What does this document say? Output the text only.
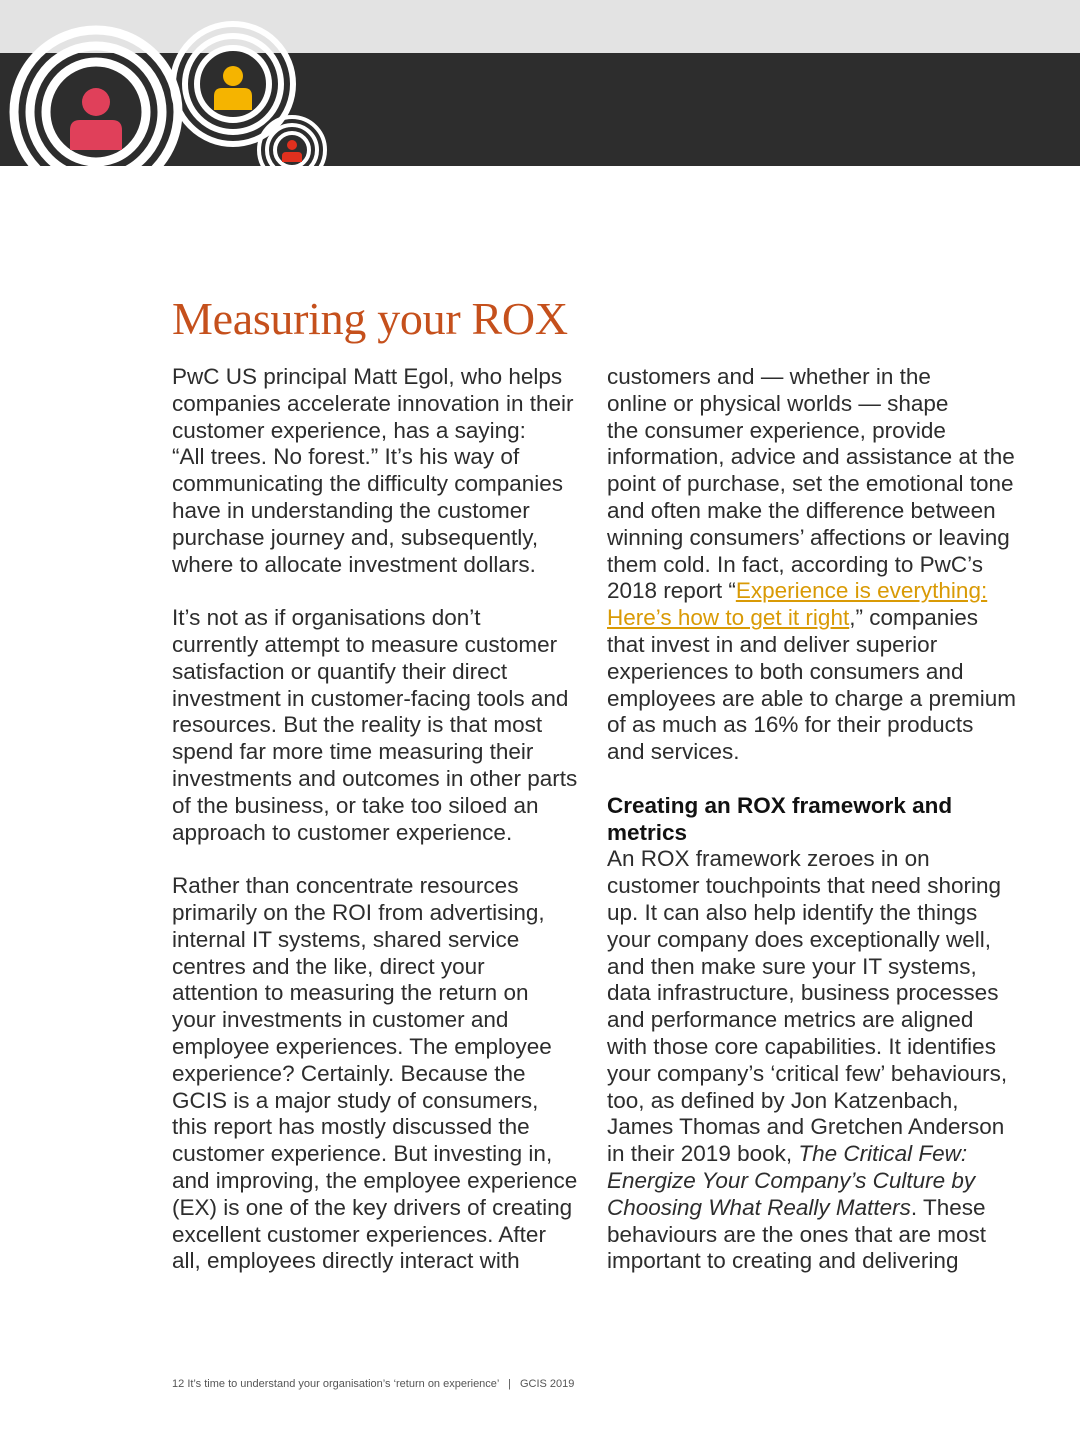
Measuring your ROX

PwC US principal Matt Egol, who helps
companies accelerate innovation in their
customer experience, has a saying:
“All trees. No forest.” It’s his way of
communicating the difficulty companies
have in understanding the customer
purchase journey and, subsequently,
where to allocate investment dollars.

It’s not as if organisations don’t
currently attempt to measure customer
satisfaction or quantify their direct
investment in customer-facing tools and
resources. But the reality is that most
spend far more time measuring their
investments and outcomes in other parts
of the business, or take too siloed an
approach to customer experience.

Rather than concentrate resources
primarily on the ROI from advertising,
internal IT systems, shared service
centres and the like, direct your
attention to measuring the return on
your investments in customer and
employee experiences. The employee
experience? Certainly. Because the
GCIS is a major study of consumers,
this report has mostly discussed the
customer experience. But investing in,
and improving, the employee experience
(EX) is one of the key drivers of creating
excellent customer experiences. After
all, employees directly interact with

customers and — whether in the
online or physical worlds — shape
the consumer experience, provide
information, advice and assistance at the
point of purchase, set the emotional tone
and often make the difference between
winning consumers’ affections or leaving
them cold. In fact, according to PwC’s
2018 report “Experience is everything:
Here’s how to get it right,” companies
that invest in and deliver superior
experiences to both consumers and
employees are able to charge a premium
of as much as 16% for their products
and services.

Creating an ROX framework and
metrics

An ROX framework zeroes in on
customer touchpoints that need shoring
up. It can also help identify the things
your company does exceptionally well,
and then make sure your IT systems,
data infrastructure, business processes
and performance metrics are aligned
with those core capabilities. It identifies
your company’s ‘critical few’ behaviours,
too, as defined by Jon Katzenbach,
James Thomas and Gretchen Anderson
in their 2019 book, The Critical Few:
Energize Your Company’s Culture by
Choosing What Really Matters. These
behaviours are the ones that are most
important to creating and delivering

12 It’s time to understand your organisation’s ‘return on experience’ | GCIS 2019
